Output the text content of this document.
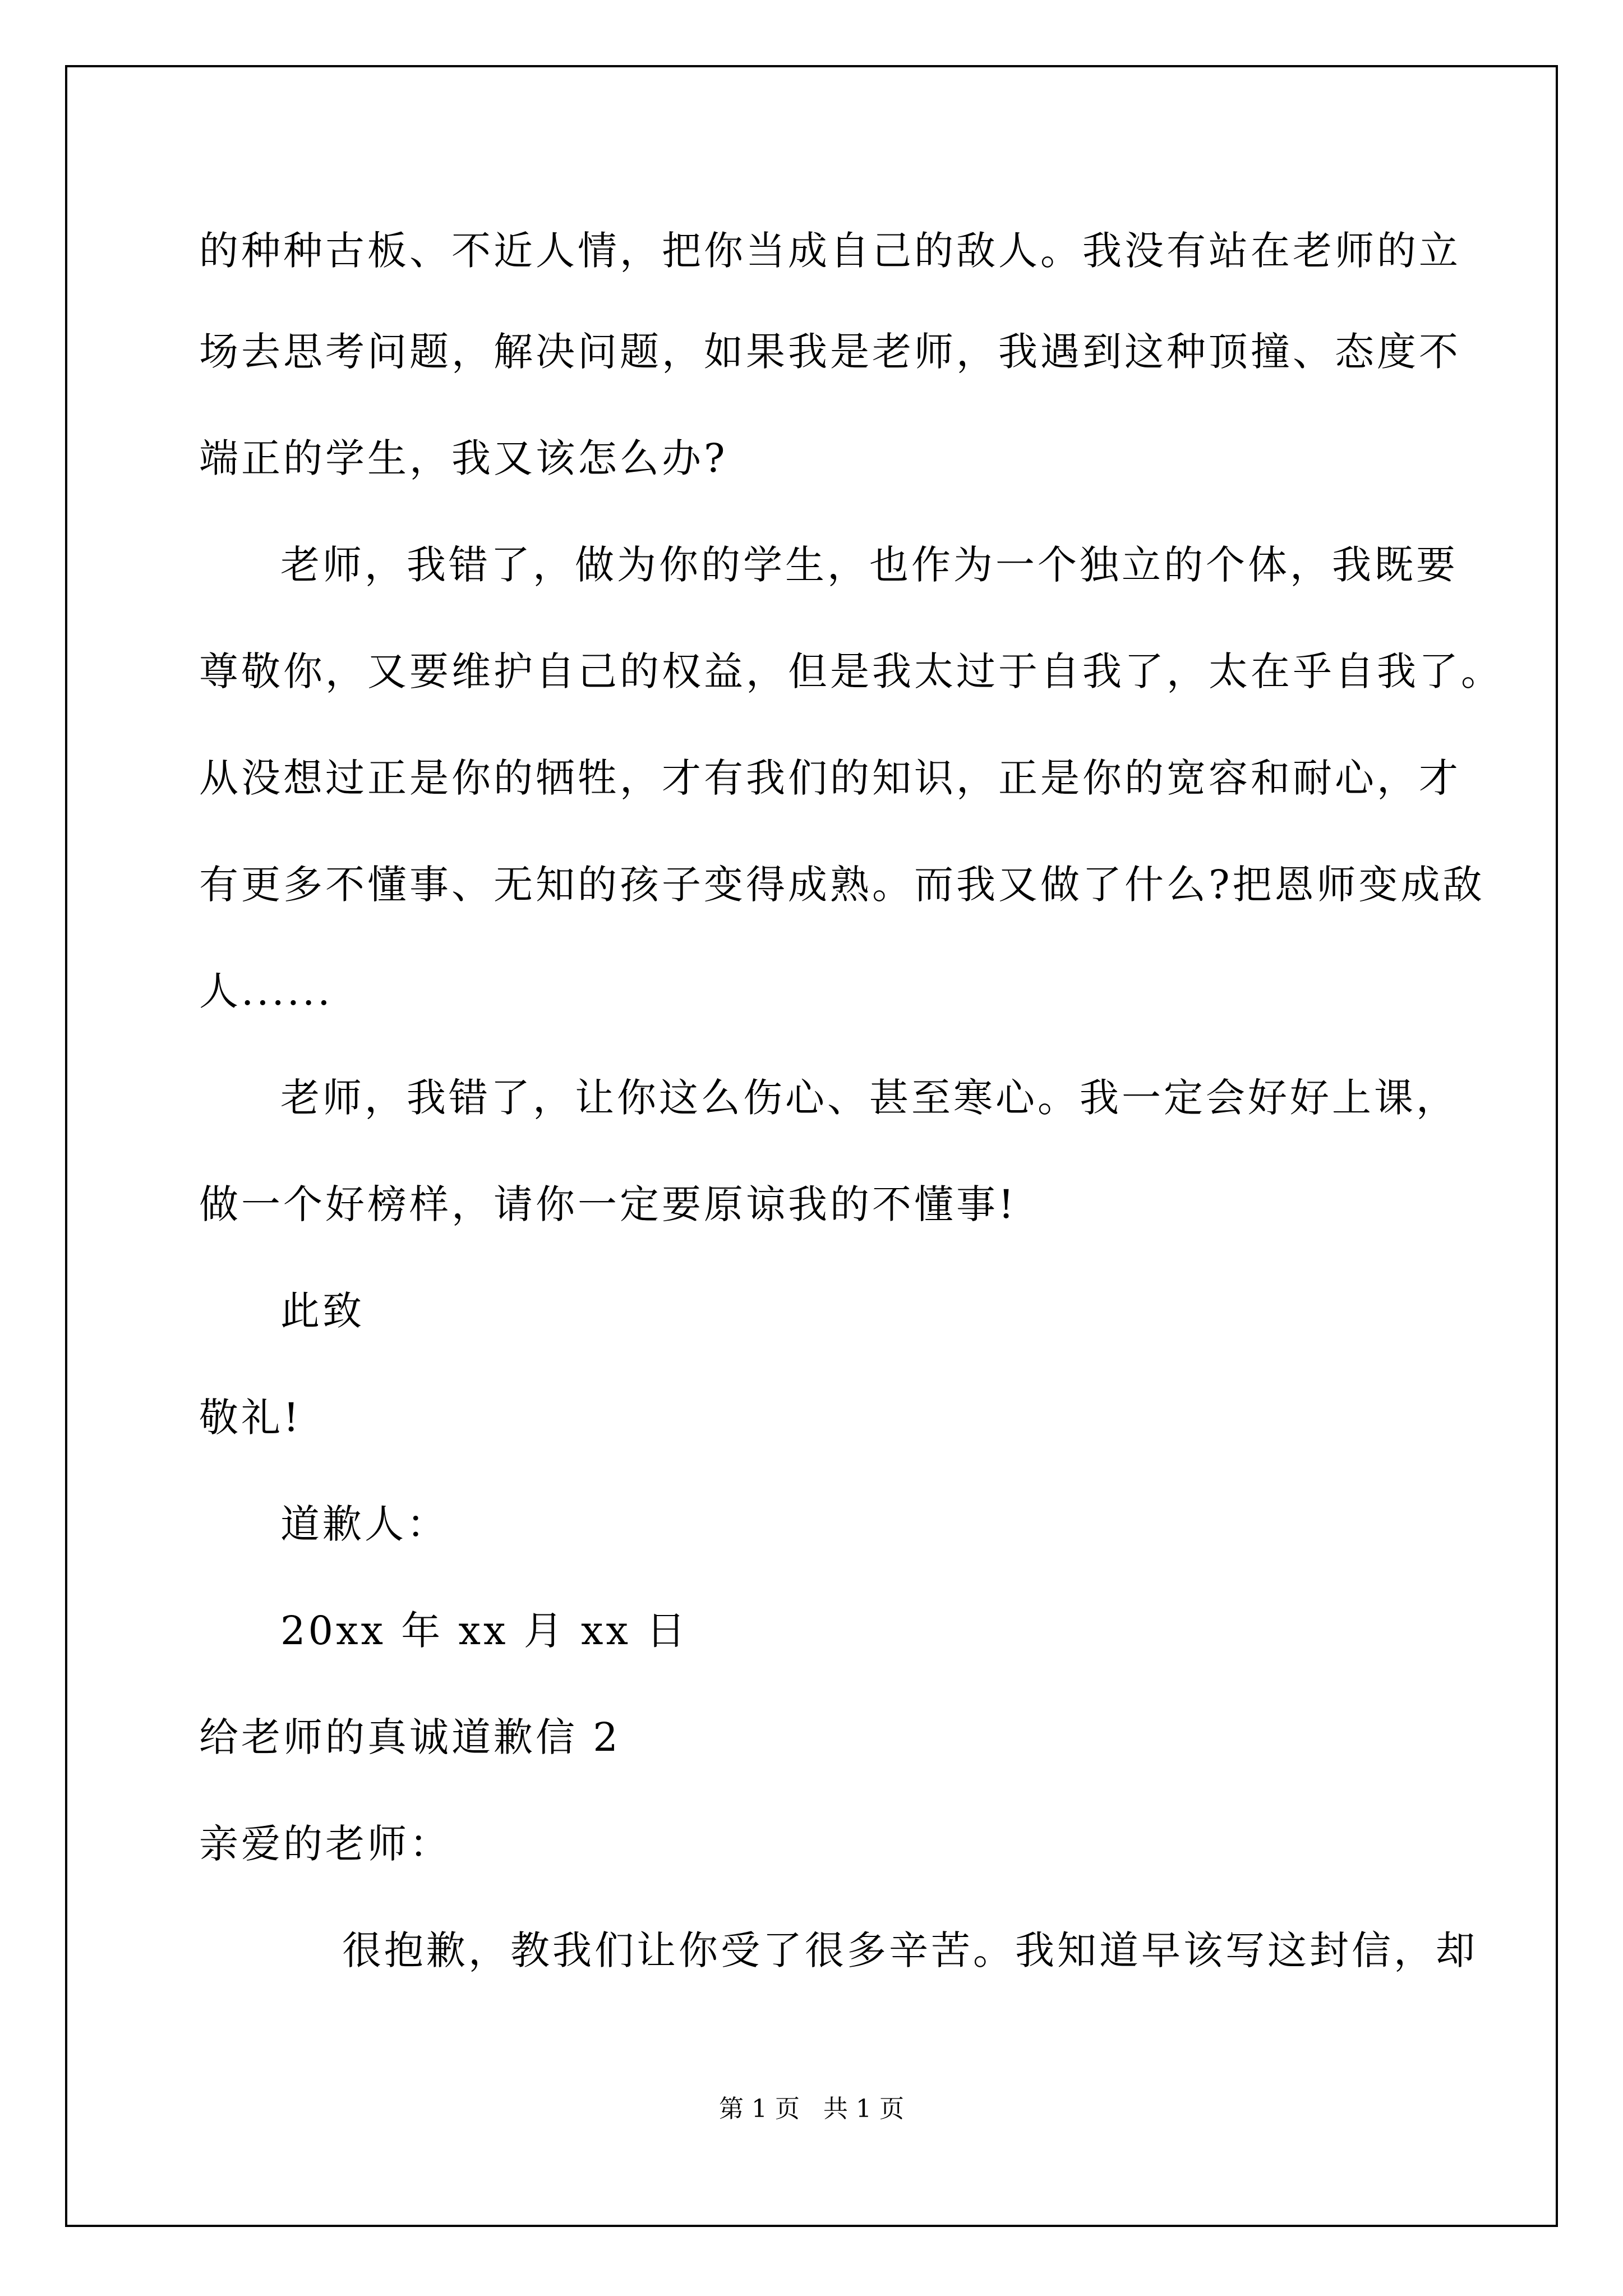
的种种古板、不近人情，把你当成自己的敌人。我没有站在老师的立
场去思考问题，解决问题，如果我是老师，我遇到这种顶撞、态度不
端正的学生，我又该怎么办?
老师，我错了，做为你的学生，也作为一个独立的个体，我既要
尊敬你，又要维护自己的权益，但是我太过于自我了，太在乎自我了。
从没想过正是你的牺牲，才有我们的知识，正是你的宽容和耐心，才
有更多不懂事、无知的孩子变得成熟。而我又做了什么?把恩师变成敌
人......
老师，我错了，让你这么伤心、甚至寒心。我一定会好好上课，
做一个好榜样，请你一定要原谅我的不懂事!
此致
敬礼!
道歉人：
20xx 年 xx 月 xx 日
给老师的真诚道歉信 2
亲爱的老师：
很抱歉，教我们让你受了很多辛苦。我知道早该写这封信，却
第 1 页   共 1 页
